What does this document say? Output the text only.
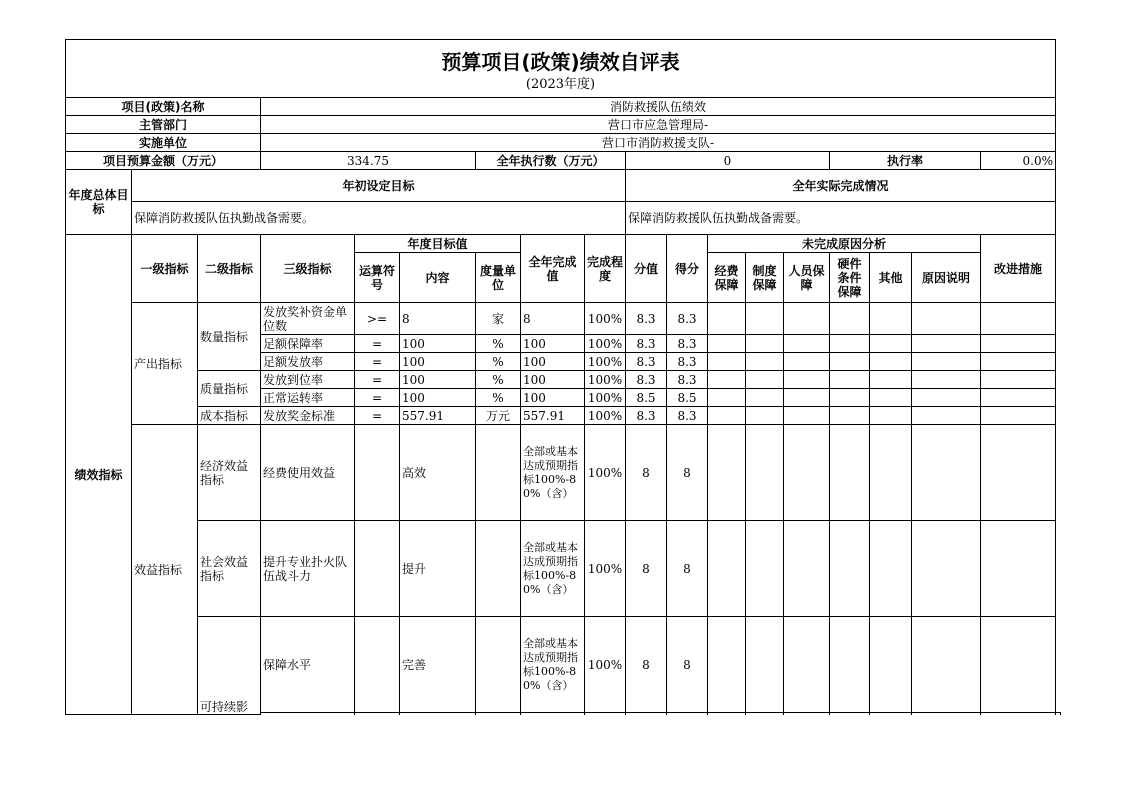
预算项目(政策)绩效自评表																		
(2023年度)																		
项目(政策)名称			消防救援队伍绩效															
主管部门			营口市应急管理局-															
实施单位			营口市消防救援支队-															
项目预算金额（万元）			334.75			全年执行数（万元）			0					执行率			0.0%	
年度总体目标	年初设定目标								全年实际完成情况									
	保障消防救援队伍执勤战备需要。								保障消防救援队伍执勤战备需要。									
绩效指标	一级指标	二级指标	三级指标	年度目标值			全年完成值	完成程度	分值	得分	未完成原因分析						改进措施	
				运算符号	内容	度量单位					经费保障	制度保障	人员保障	硬件条件保障	其他	原因说明		
	产出指标	数量指标	发放奖补资金单位数	>=	8	家	8	100%	8.3	8.3								
			足额保障率	=	100	%	100	100%	8.3	8.3								
			足额发放率	=	100	%	100	100%	8.3	8.3								
		质量指标	发放到位率	=	100	%	100	100%	8.3	8.3								
			正常运转率	=	100	%	100	100%	8.5	8.5								
		成本指标	发放奖金标准	=	557.91	万元	557.91	100%	8.3	8.3								
	效益指标	经济效益指标	经费使用效益		高效		全部或基本达成预期指标100%-80%（含）	100%	8	8								
		社会效益指标	提升专业扑火队伍战斗力		提升		全部或基本达成预期指标100%-80%（含）	100%	8	8								
		可持续影	保障水平		完善		全部或基本达成预期指标100%-80%（含）	100%	8	8								
